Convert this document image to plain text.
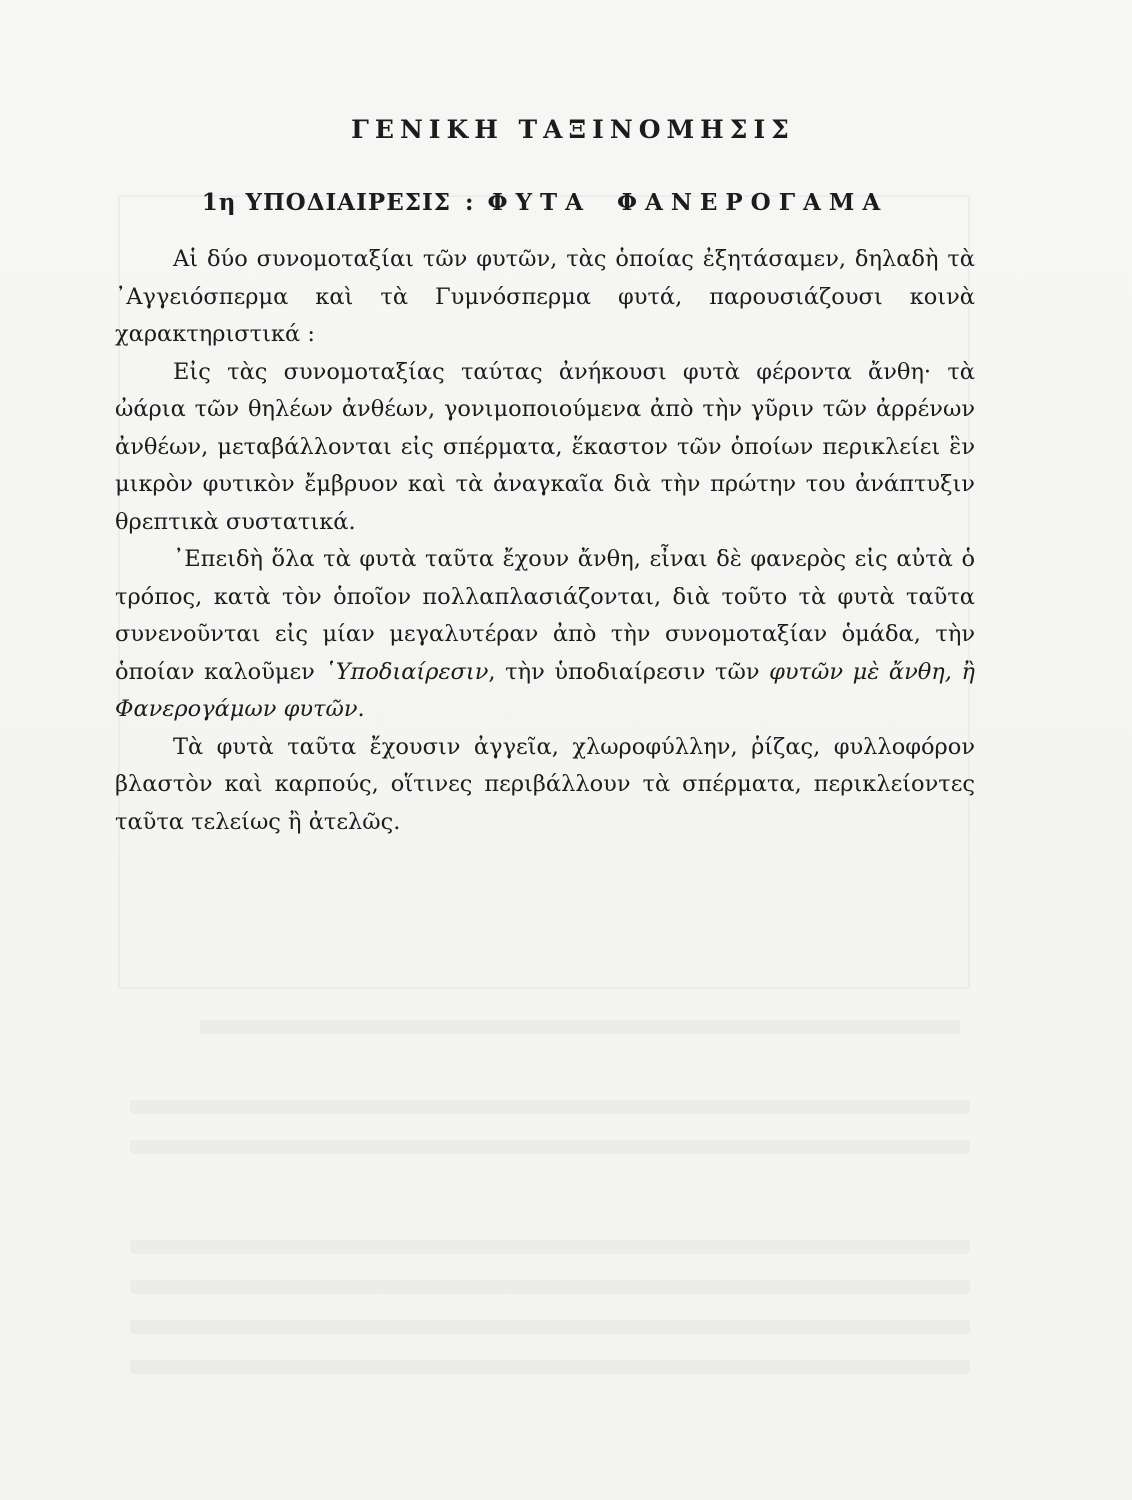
ΓΕΝΙΚΗ ΤΑΞΙΝΟΜΗΣΙΣ
1η ΥΠΟΔΙΑΙΡΕΣΙΣ : ΦΥΤΑ ΦΑΝΕΡΟΓΑΜΑ

Αἱ δύο συνομοταξίαι τῶν φυτῶν, τὰς ὁποίας ἐξητάσαμεν, δηλαδὴ τὰ ᾿Αγγειόσπερμα καὶ τὰ Γυμνόσπερμα φυτά, παρουσιάζουσι κοινὰ χαρακτηριστικά :

Εἰς τὰς συνομοταξίας ταύτας ἀνήκουσι φυτὰ φέροντα ἄνθη· τὰ ὠάρια τῶν θηλέων ἀνθέων, γονιμοποιούμενα ἀπὸ τὴν γῦριν τῶν ἀρρένων ἀνθέων, μεταβάλλονται εἰς σπέρματα, ἕκαστον τῶν ὁποίων περικλείει ἓν μικρὸν φυτικὸν ἔμβρυον καὶ τὰ ἀναγκαῖα διὰ τὴν πρώτην του ἀνάπτυξιν θρεπτικὰ συστατικά.

᾿Επειδὴ ὅλα τὰ φυτὰ ταῦτα ἔχουν ἄνθη, εἶναι δὲ φανερὸς εἰς αὐτὰ ὁ τρόπος, κατὰ τὸν ὁποῖον πολλαπλασιάζονται, διὰ τοῦτο τὰ φυτὰ ταῦτα συνενοῦνται εἰς μίαν μεγαλυτέραν ἀπὸ τὴν συνομοταξίαν ὁμάδα, τὴν ὁποίαν καλοῦμεν ῾Υποδιαίρεσιν, τὴν ὑποδιαίρεσιν τῶν φυτῶν μὲ ἄνθη, ἢ Φανερογάμων φυτῶν.

Τὰ φυτὰ ταῦτα ἔχουσιν ἀγγεῖα, χλωροφύλλην, ῥίζας, φυλλοφόρον βλαστὸν καὶ καρπούς, οἵτινες περιβάλλουν τὰ σπέρματα, περικλείοντες ταῦτα τελείως ἢ ἀτελῶς.
